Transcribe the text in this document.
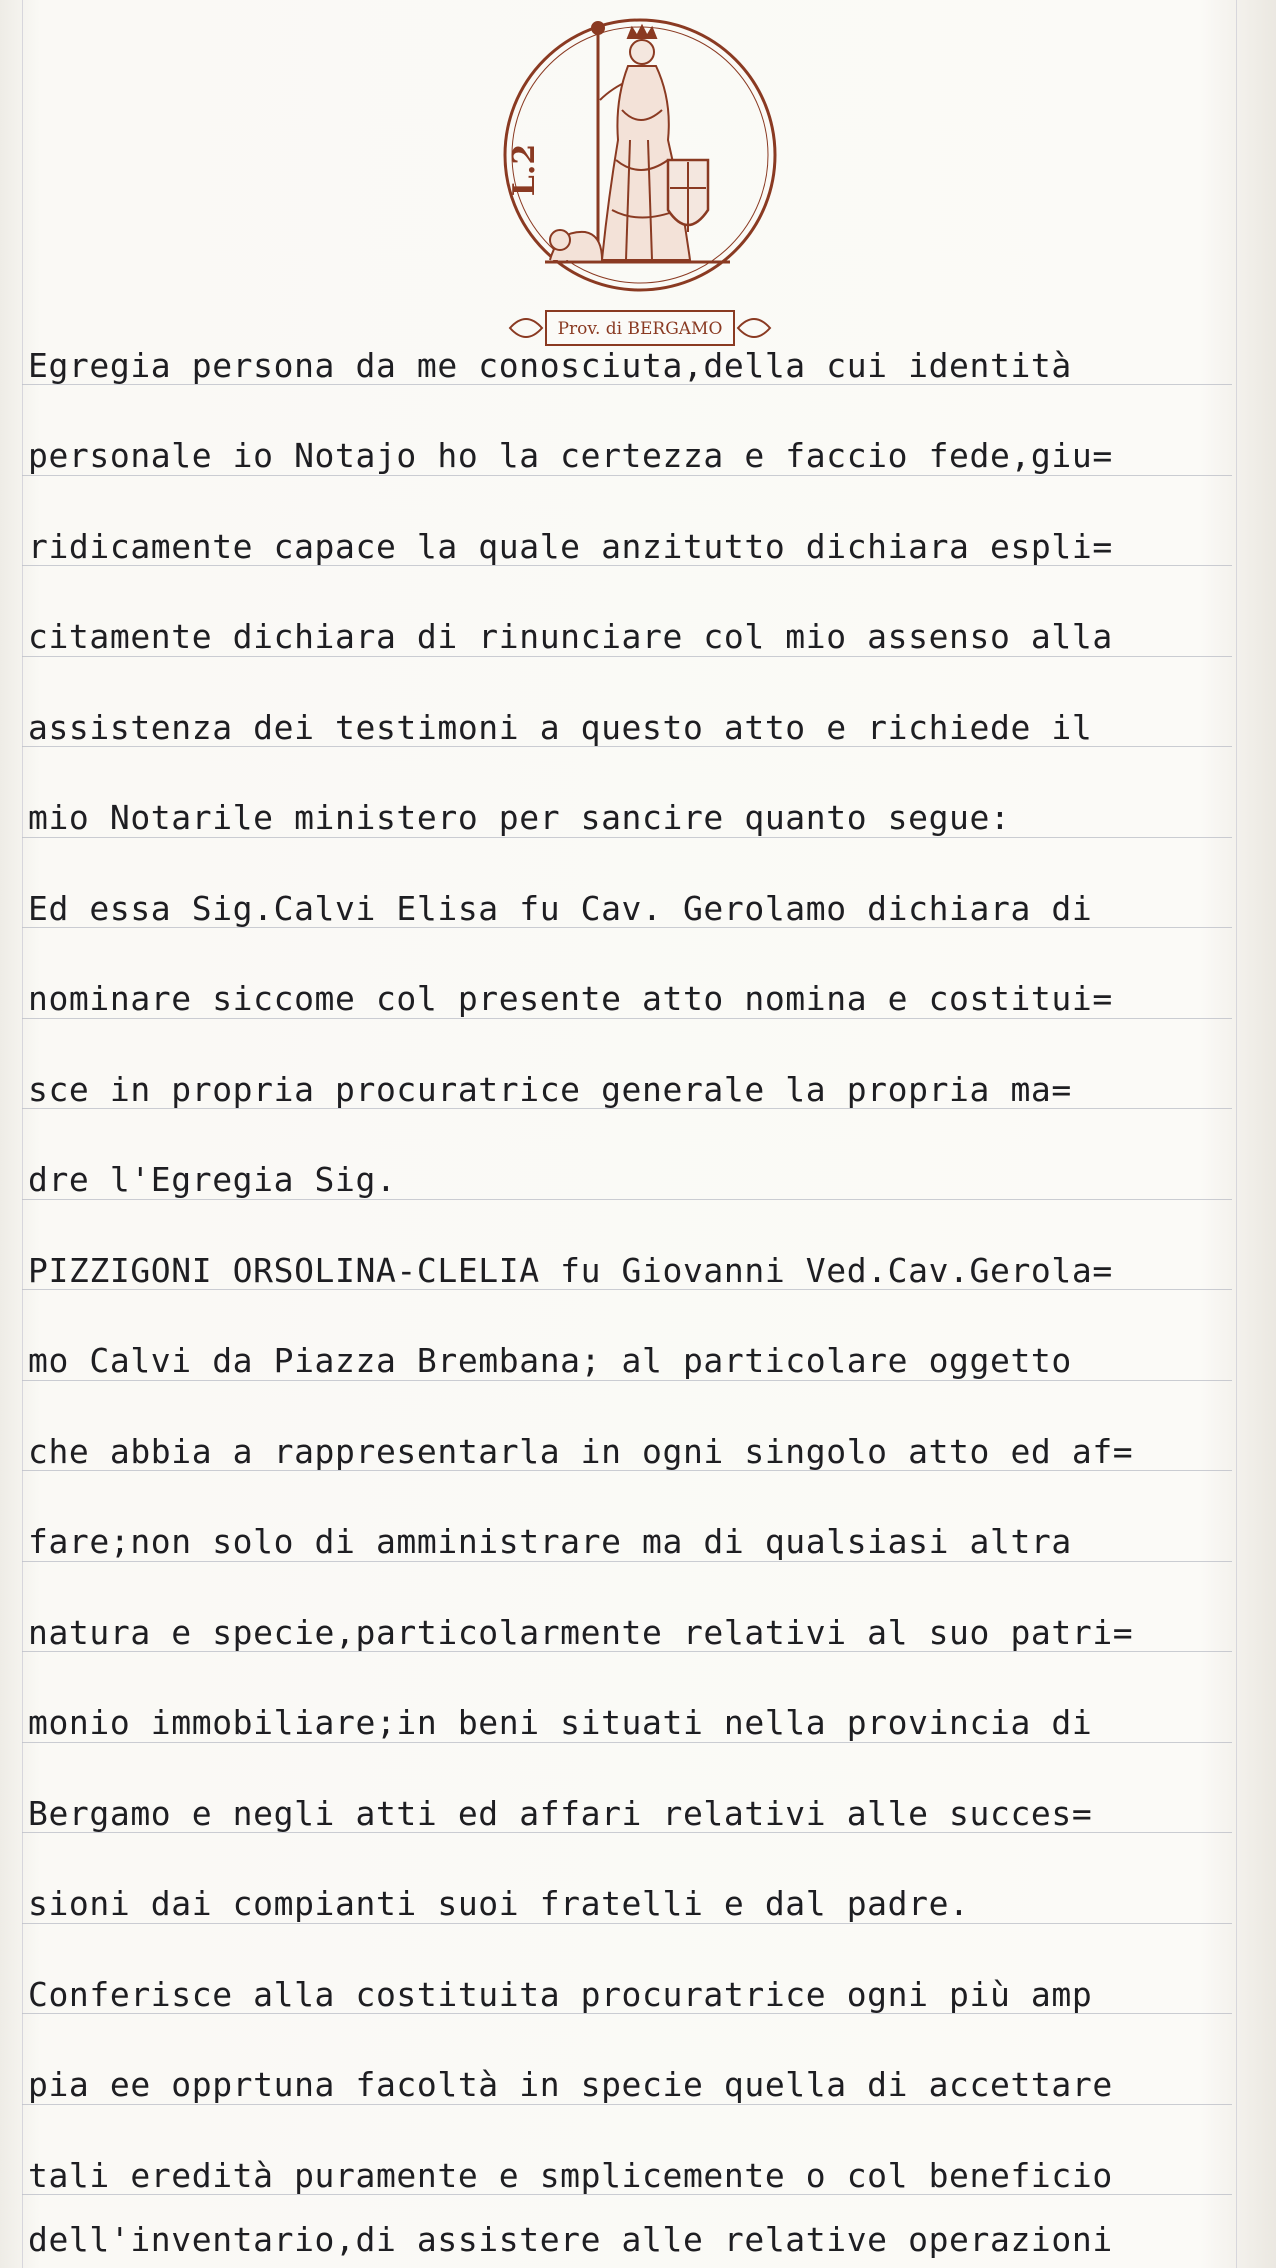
L.2
Prov. di BERGAMO
Egregia persona da me conosciuta,della cui identità
personale io Notajo ho la certezza e faccio fede,giu=
ridicamente capace la quale anzitutto dichiara espli=
citamente dichiara di rinunciare col mio assenso alla
assistenza dei testimoni a questo atto e richiede il
mio Notarile ministero per sancire quanto segue:
Ed essa Sig.Calvi Elisa fu Cav. Gerolamo dichiara di
nominare siccome col presente atto nomina e costitui=
sce in propria procuratrice generale la propria ma=
dre l'Egregia Sig.
PIZZIGONI ORSOLINA-CLELIA fu Giovanni Ved.Cav.Gerola=
mo Calvi da Piazza Brembana; al particolare oggetto
che abbia a rappresentarla in ogni singolo atto ed af=
fare;non solo di amministrare ma di qualsiasi altra
natura e specie,particolarmente relativi al suo patri=
monio immobiliare;in beni situati nella provincia di
Bergamo e negli atti ed affari relativi alle succes=
sioni dai compianti suoi fratelli e dal padre.
Conferisce alla costituita procuratrice ogni più amp
pia ee opprtuna facoltà in specie quella di accettare
tali eredità puramente e smplicemente o col beneficio
dell'inventario,di assistere alle relative operazioni
